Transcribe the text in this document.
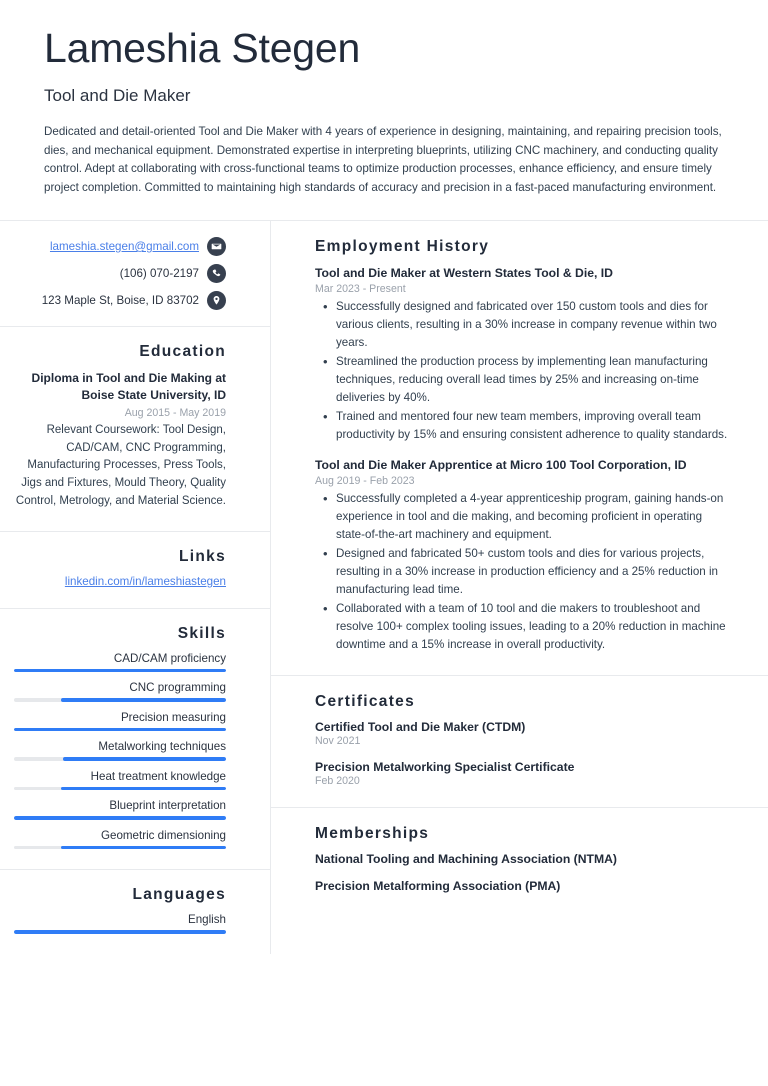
Lameshia Stegen
Tool and Die Maker
Dedicated and detail-oriented Tool and Die Maker with 4 years of experience in designing, maintaining, and repairing precision tools, dies, and mechanical equipment. Demonstrated expertise in interpreting blueprints, utilizing CNC machinery, and conducting quality control. Adept at collaborating with cross-functional teams to optimize production processes, enhance efficiency, and ensure timely project completion. Committed to maintaining high standards of accuracy and precision in a fast-paced manufacturing environment.
lameshia.stegen@gmail.com
(106) 070-2197
123 Maple St, Boise, ID 83702
Education
Diploma in Tool and Die Making at Boise State University, ID
Aug 2015 - May 2019
Relevant Coursework: Tool Design, CAD/CAM, CNC Programming, Manufacturing Processes, Press Tools, Jigs and Fixtures, Mould Theory, Quality Control, Metrology, and Material Science.
Links
linkedin.com/in/lameshiastegen
Skills
CAD/CAM proficiency
CNC programming
Precision measuring
Metalworking techniques
Heat treatment knowledge
Blueprint interpretation
Geometric dimensioning
Languages
English
Employment History
Tool and Die Maker at Western States Tool & Die, ID
Mar 2023 - Present
• Successfully designed and fabricated over 150 custom tools and dies for various clients, resulting in a 30% increase in company revenue within two years.
• Streamlined the production process by implementing lean manufacturing techniques, reducing overall lead times by 25% and increasing on-time deliveries by 40%.
• Trained and mentored four new team members, improving overall team productivity by 15% and ensuring consistent adherence to quality standards.
Tool and Die Maker Apprentice at Micro 100 Tool Corporation, ID
Aug 2019 - Feb 2023
• Successfully completed a 4-year apprenticeship program, gaining hands-on experience in tool and die making, and becoming proficient in operating state-of-the-art machinery and equipment.
• Designed and fabricated 50+ custom tools and dies for various projects, resulting in a 30% increase in production efficiency and a 25% reduction in manufacturing lead time.
• Collaborated with a team of 10 tool and die makers to troubleshoot and resolve 100+ complex tooling issues, leading to a 20% reduction in machine downtime and a 15% increase in overall productivity.
Certificates
Certified Tool and Die Maker (CTDM)
Nov 2021
Precision Metalworking Specialist Certificate
Feb 2020
Memberships
National Tooling and Machining Association (NTMA)
Precision Metalforming Association (PMA)
